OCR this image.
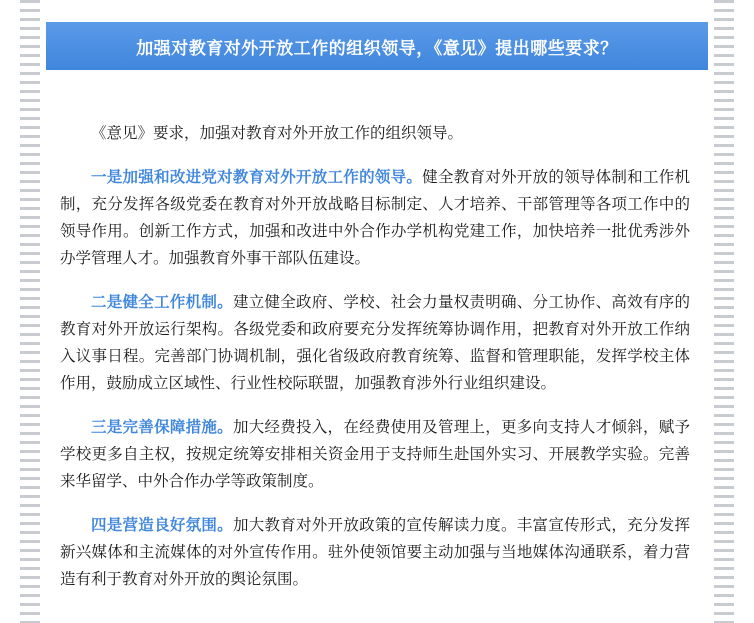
加强对教育对外开放工作的组织领导，《意见》提出哪些要求？

《意见》要求，加强对教育对外开放工作的组织领导。

一是加强和改进党对教育对外开放工作的领导。健全教育对外开放的领导体制和工作机制，充分发挥各级党委在教育对外开放战略目标制定、人才培养、干部管理等各项工作中的领导作用。创新工作方式，加强和改进中外合作办学机构党建工作，加快培养一批优秀涉外办学管理人才。加强教育外事干部队伍建设。

二是健全工作机制。建立健全政府、学校、社会力量权责明确、分工协作、高效有序的教育对外开放运行架构。各级党委和政府要充分发挥统筹协调作用，把教育对外开放工作纳入议事日程。完善部门协调机制，强化省级政府教育统筹、监督和管理职能，发挥学校主体作用，鼓励成立区域性、行业性校际联盟，加强教育涉外行业组织建设。

三是完善保障措施。加大经费投入，在经费使用及管理上，更多向支持人才倾斜，赋予学校更多自主权，按规定统筹安排相关资金用于支持师生赴国外实习、开展教学实验。完善来华留学、中外合作办学等政策制度。

四是营造良好氛围。加大教育对外开放政策的宣传解读力度。丰富宣传形式，充分发挥新兴媒体和主流媒体的对外宣传作用。驻外使领馆要主动加强与当地媒体沟通联系，着力营造有利于教育对外开放的舆论氛围。
